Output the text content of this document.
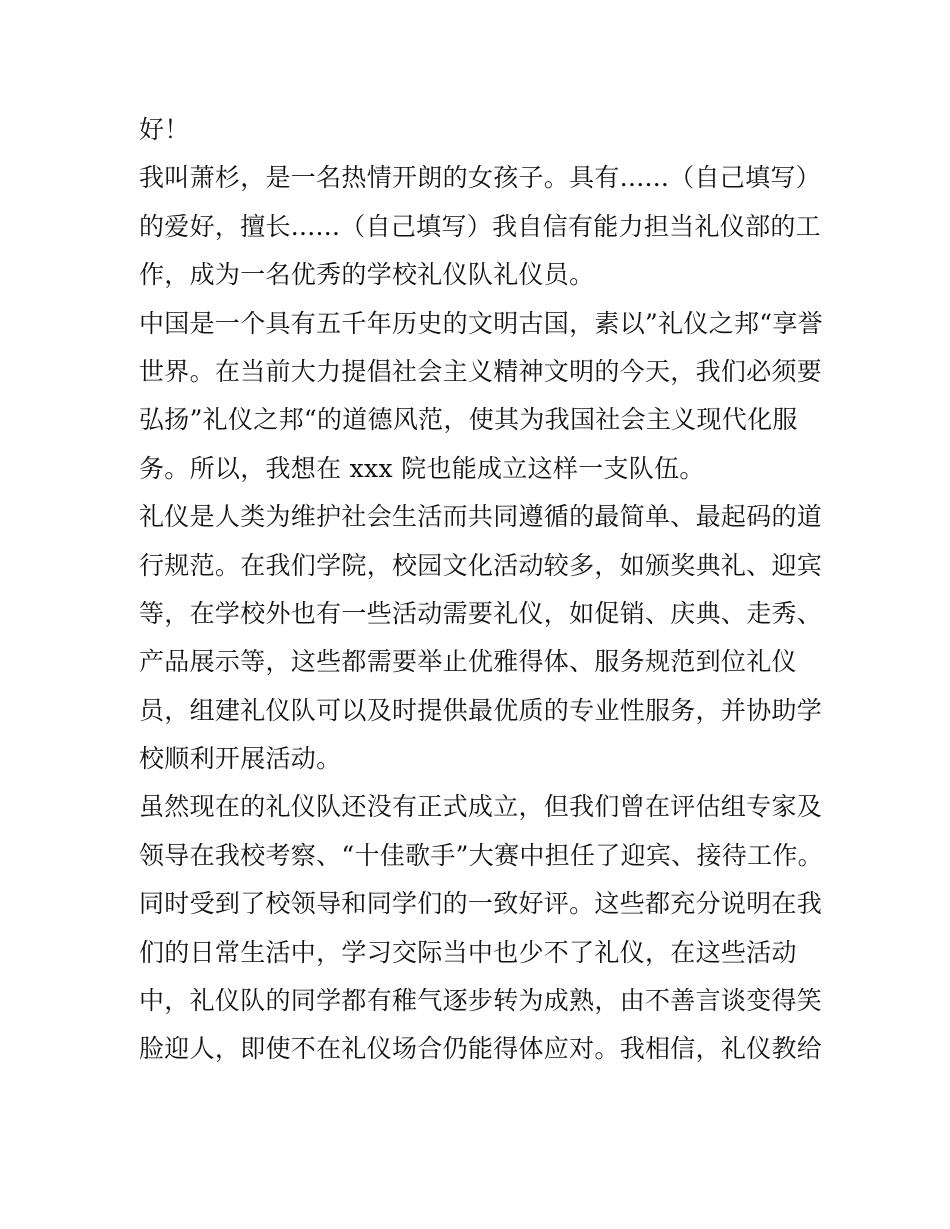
好！
我叫萧杉，是一名热情开朗的女孩子。具有......（自己填写）
的爱好，擅长......（自己填写）我自信有能力担当礼仪部的工
作，成为一名优秀的学校礼仪队礼仪员。
中国是一个具有五千年历史的文明古国，素以”礼仪之邦“享誉
世界。在当前大力提倡社会主义精神文明的今天，我们必须要
弘扬”礼仪之邦“的道德风范，使其为我国社会主义现代化服
务。所以，我想在 xxx 院也能成立这样一支队伍。
礼仪是人类为维护社会生活而共同遵循的最简单、最起码的道
行规范。在我们学院，校园文化活动较多，如颁奖典礼、迎宾
等，在学校外也有一些活动需要礼仪，如促销、庆典、走秀、
产品展示等，这些都需要举止优雅得体、服务规范到位礼仪
员，组建礼仪队可以及时提供最优质的专业性服务，并协助学
校顺利开展活动。
虽然现在的礼仪队还没有正式成立，但我们曾在评估组专家及
领导在我校考察、“十佳歌手”大赛中担任了迎宾、接待工作。
同时受到了校领导和同学们的一致好评。这些都充分说明在我
们的日常生活中，学习交际当中也少不了礼仪，在这些活动
中，礼仪队的同学都有稚气逐步转为成熟，由不善言谈变得笑
脸迎人，即使不在礼仪场合仍能得体应对。我相信，礼仪教给
